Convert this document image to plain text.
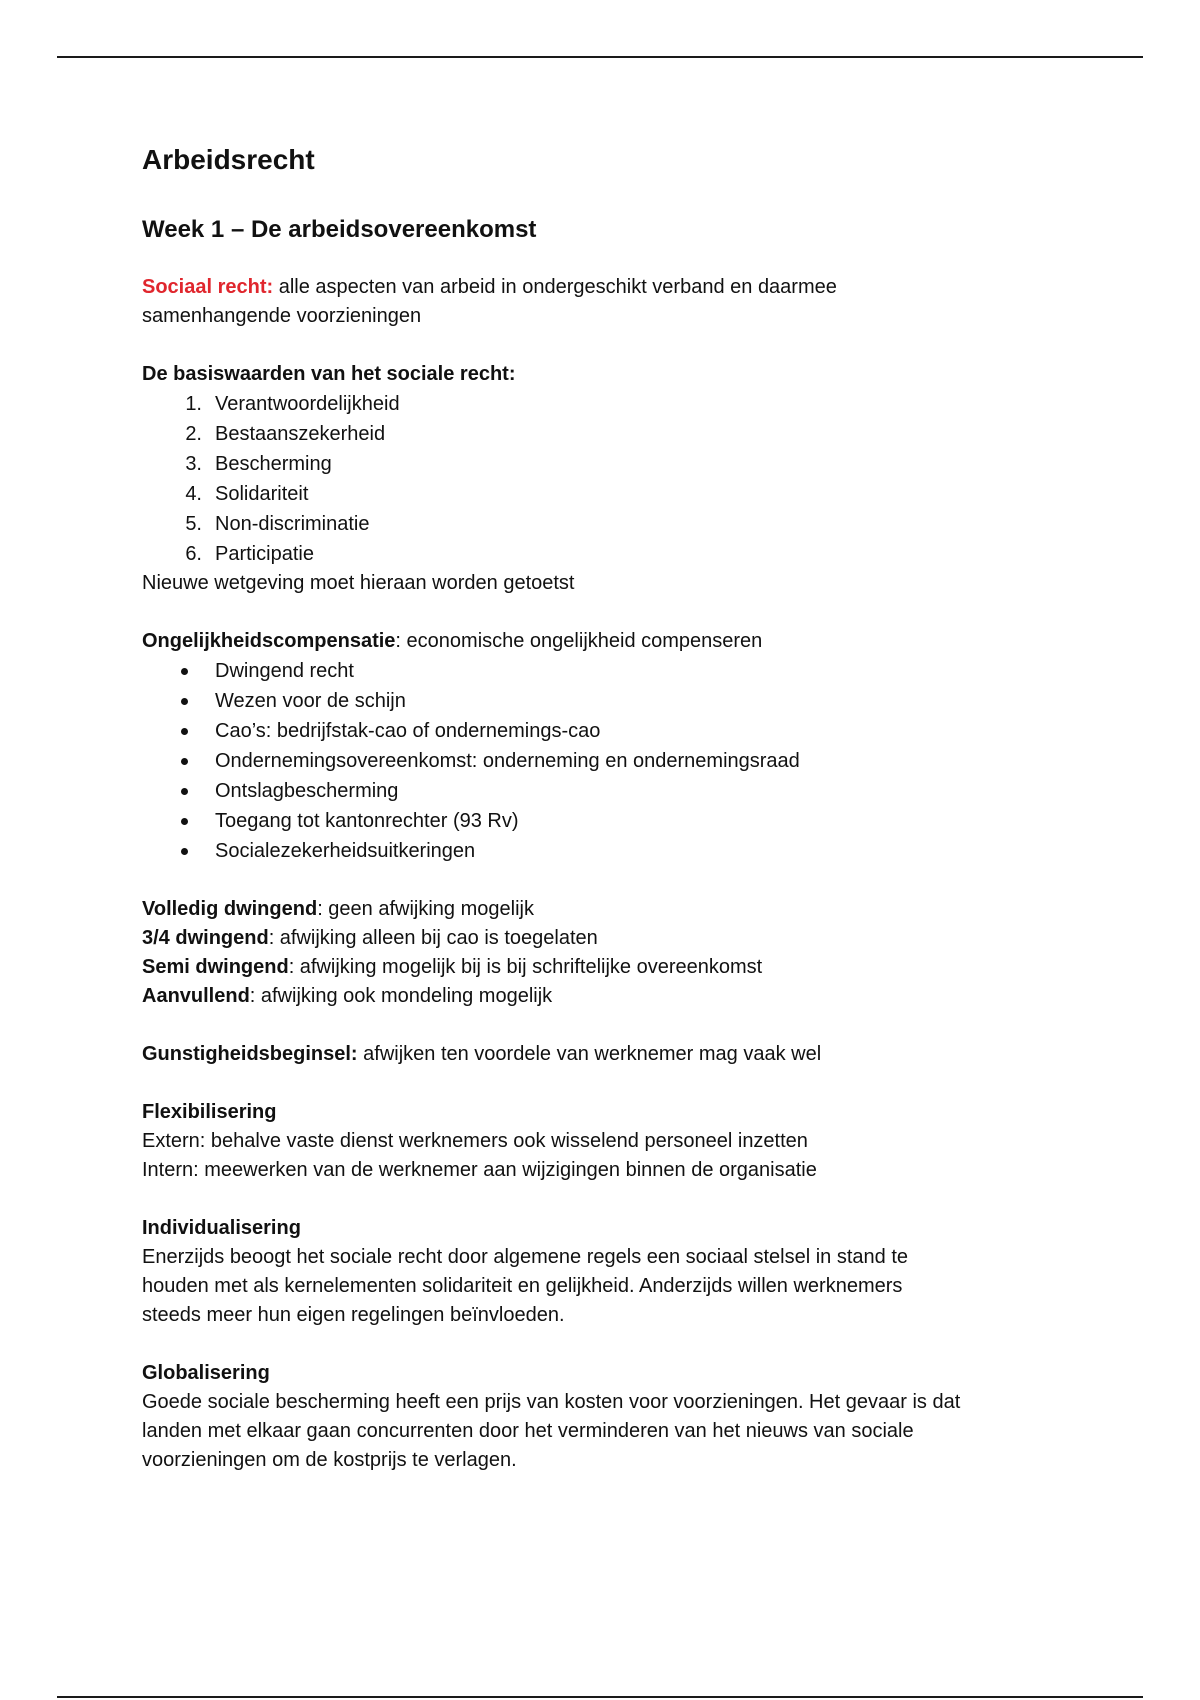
Arbeidsrecht
Week 1 – De arbeidsovereenkomst

Sociaal recht: alle aspecten van arbeid in ondergeschikt verband en daarmee

samenhangende voorzieningen

De basiswaarden van het sociale recht:

1. Verantwoordelijkheid
2. Bestaanszekerheid
3. Bescherming
4. Solidariteit
5. Non-discriminatie
6. Participatie

Nieuwe wetgeving moet hieraan worden getoetst

Ongelijkheidscompensatie: economische ongelijkheid compenseren

Dwingend recht
Wezen voor de schijn
Cao’s: bedrijfstak-cao of ondernemings-cao
Ondernemingsovereenkomst: onderneming en ondernemingsraad
Ontslagbescherming
Toegang tot kantonrechter (93 Rv)
Socialezekerheidsuitkeringen

Volledig dwingend: geen afwijking mogelijk

3/4 dwingend: afwijking alleen bij cao is toegelaten

Semi dwingend: afwijking mogelijk bij is bij schriftelijke overeenkomst

Aanvullend: afwijking ook mondeling mogelijk

Gunstigheidsbeginsel: afwijken ten voordele van werknemer mag vaak wel

Flexibilisering

Extern: behalve vaste dienst werknemers ook wisselend personeel inzetten

Intern: meewerken van de werknemer aan wijzigingen binnen de organisatie

Individualisering

Enerzijds beoogt het sociale recht door algemene regels een sociaal stelsel in stand te

houden met als kernelementen solidariteit en gelijkheid. Anderzijds willen werknemers

steeds meer hun eigen regelingen beïnvloeden.

Globalisering

Goede sociale bescherming heeft een prijs van kosten voor voorzieningen. Het gevaar is dat

landen met elkaar gaan concurrenten door het verminderen van het nieuws van sociale

voorzieningen om de kostprijs te verlagen.
